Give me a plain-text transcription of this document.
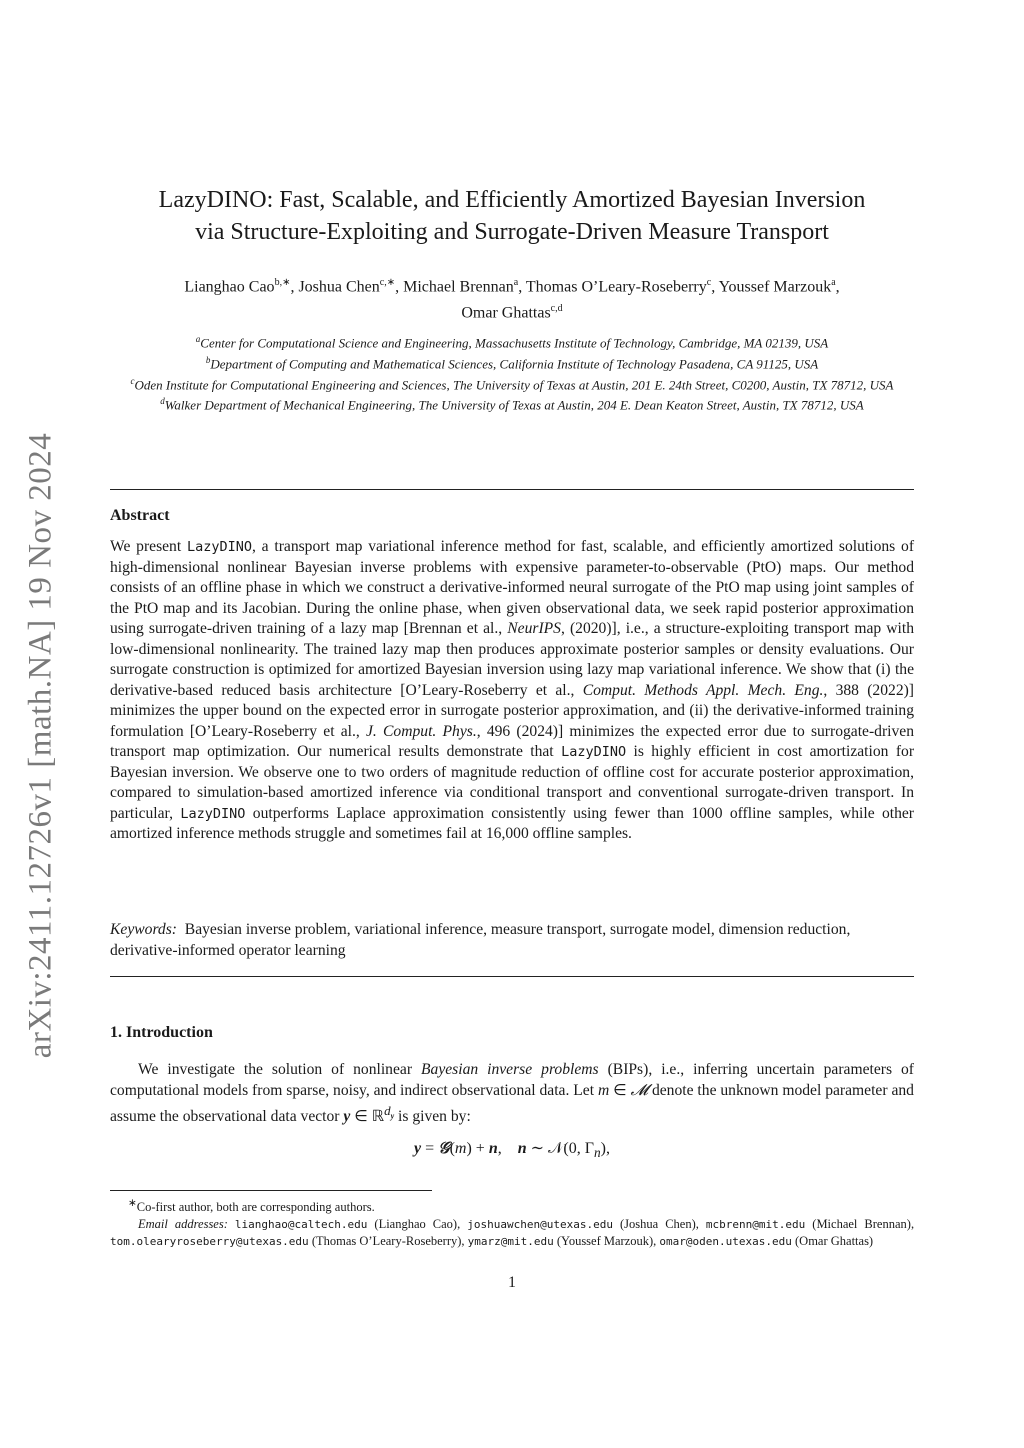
arXiv:2411.12726v1 [math.NA] 19 Nov 2024
LazyDINO: Fast, Scalable, and Efficiently Amortized Bayesian Inversion
via Structure-Exploiting and Surrogate-Driven Measure Transport
Lianghao Cao$^{b,∗}$, Joshua Chen$^{c,∗}$, Michael Brennan$^a$, Thomas O’Leary-Roseberry$^c$, Youssef Marzouk$^a$,
Omar Ghattas$^{c,d}$
$^a$Center for Computational Science and Engineering, Massachusetts Institute of Technology, Cambridge, MA 02139, USA
$^b$Department of Computing and Mathematical Sciences, California Institute of Technology Pasadena, CA 91125, USA
$^c$Oden Institute for Computational Engineering and Sciences, The University of Texas at Austin, 201 E. 24th Street, C0200, Austin, TX 78712, USA
$^d$Walker Department of Mechanical Engineering, The University of Texas at Austin, 204 E. Dean Keaton Street, Austin, TX 78712, USA
Abstract
We present LazyDINO, a transport map variational inference method for fast, scalable, and efficiently amortized solutions of high-dimensional nonlinear Bayesian inverse problems with expensive parameter-to-observable (PtO) maps. Our method consists of an offline phase in which we construct a derivative-informed neural surrogate of the PtO map using joint samples of the PtO map and its Jacobian. During the online phase, when given observational data, we seek rapid posterior approximation using surrogate-driven training of a lazy map [Brennan et al., NeurIPS, (2020)], i.e., a structure-exploiting transport map with low-dimensional nonlinearity. The trained lazy map then produces approximate posterior samples or density evaluations. Our surrogate construction is optimized for amortized Bayesian inversion using lazy map variational inference. We show that (i) the derivative-based reduced basis architecture [O’Leary-Roseberry et al., Comput. Methods Appl. Mech. Eng., 388 (2022)] minimizes the upper bound on the expected error in surrogate posterior approximation, and (ii) the derivative-informed training formulation [O’Leary-Roseberry et al., J. Comput. Phys., 496 (2024)] minimizes the expected error due to surrogate-driven transport map optimization. Our numerical results demonstrate that LazyDINO is highly efficient in cost amortization for Bayesian inversion. We observe one to two orders of magnitude reduction of offline cost for accurate posterior approximation, compared to simulation-based amortized inference via conditional transport and conventional surrogate-driven transport. In particular, LazyDINO outperforms Laplace approximation consistently using fewer than 1000 offline samples, while other amortized inference methods struggle and sometimes fail at 16,000 offline samples.
Keywords: Bayesian inverse problem, variational inference, measure transport, surrogate model, dimension reduction, derivative-informed operator learning
1. Introduction
We investigate the solution of nonlinear Bayesian inverse problems (BIPs), i.e., inferring uncertain parameters of computational models from sparse, noisy, and indirect observational data. Let m ∈ 𝓜 denote the unknown model parameter and assume the observational data vector y ∈ ℝ$^{d_y}$ is given by:
y = 𝒢(m) + n,    n ∼ 𝒩(0, $\Gamma_n$),
∗Co-first author, both are corresponding authors.
Email addresses: lianghao@caltech.edu (Lianghao Cao), joshuawchen@utexas.edu (Joshua Chen), mcbrenn@mit.edu (Michael Brennan), tom.olearyroseberry@utexas.edu (Thomas O’Leary-Roseberry), ymarz@mit.edu (Youssef Marzouk), omar@oden.utexas.edu (Omar Ghattas)
1
